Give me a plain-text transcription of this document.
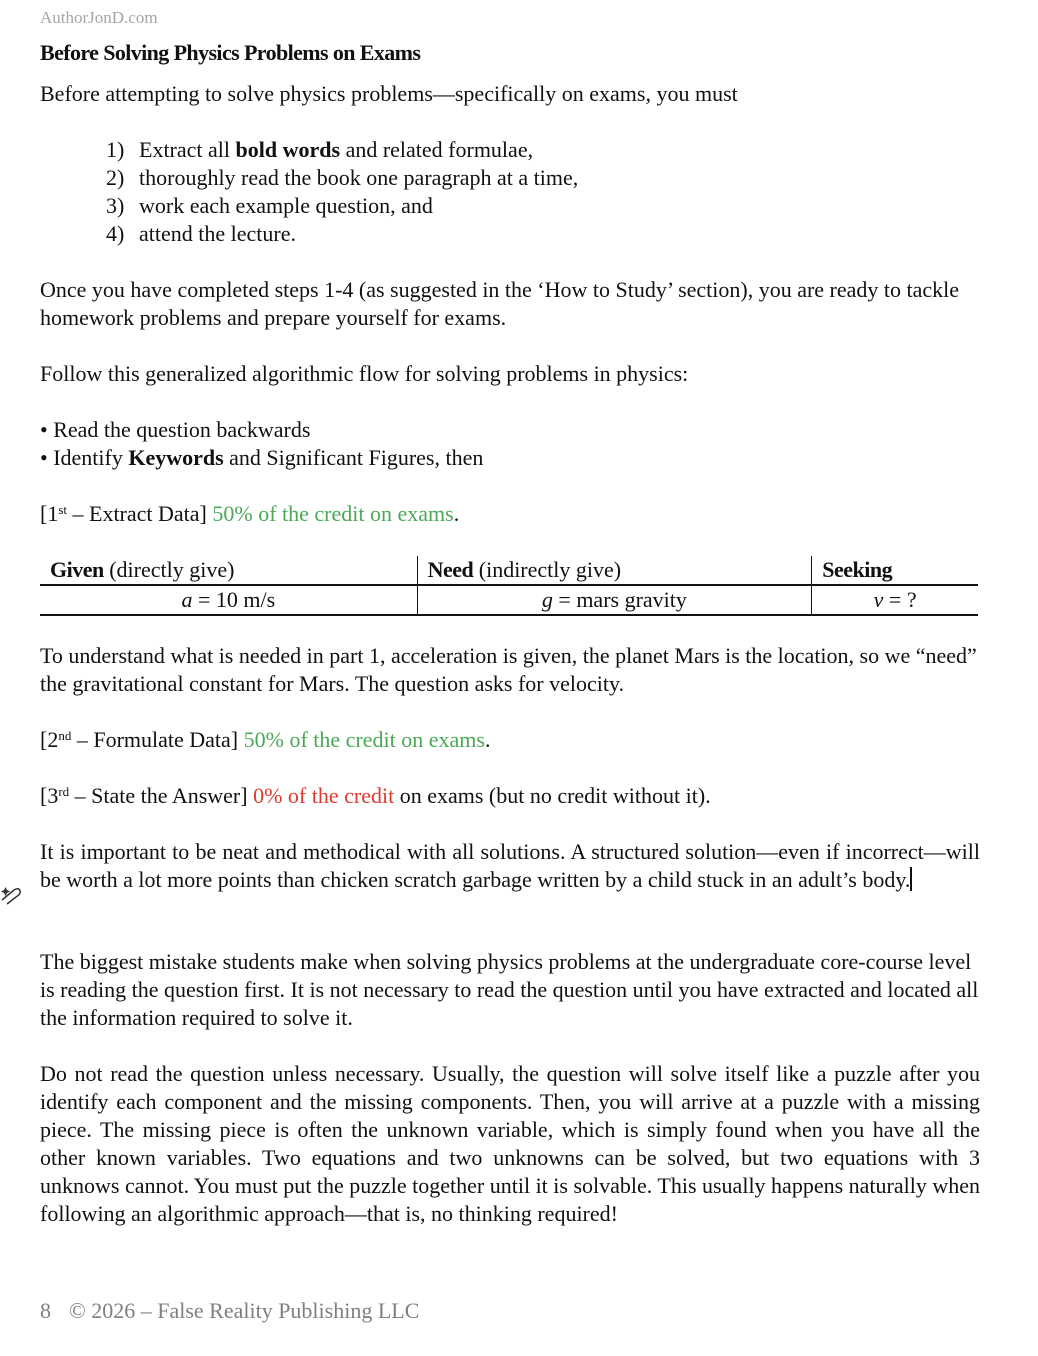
AuthorJonD.com
Before Solving Physics Problems on Exams
Before attempting to solve physics problems—specifically on exams, you must
1) Extract all bold words and related formulae,
2) thoroughly read the book one paragraph at a time,
3) work each example question, and
4) attend the lecture.
Once you have completed steps 1-4 (as suggested in the ‘How to Study’ section), you are ready to tackle homework problems and prepare yourself for exams.
Follow this generalized algorithmic flow for solving problems in physics:
• Read the question backwards
• Identify Keywords and Significant Figures, then
[1st – Extract Data] 50% of the credit on exams.
Given (directly give)	Need (indirectly give)	Seeking
a = 10 m/s	g = mars gravity	v = ?
To understand what is needed in part 1, acceleration is given, the planet Mars is the location, so we “need” the gravitational constant for Mars. The question asks for velocity.
[2nd – Formulate Data] 50% of the credit on exams.
[3rd – State the Answer] 0% of the credit on exams (but no credit without it).
It is important to be neat and methodical with all solutions. A structured solution—even if incorrect—will be worth a lot more points than chicken scratch garbage written by a child stuck in an adult’s body.
The biggest mistake students make when solving physics problems at the undergraduate core-course level is reading the question first. It is not necessary to read the question until you have extracted and located all the information required to solve it.
Do not read the question unless necessary. Usually, the question will solve itself like a puzzle after you identify each component and the missing components. Then, you will arrive at a puzzle with a missing piece. The missing piece is often the unknown variable, which is simply found when you have all the other known variables. Two equations and two unknowns can be solved, but two equations with 3 unknows cannot. You must put the puzzle together until it is solvable. This usually happens naturally when following an algorithmic approach—that is, no thinking required!
8 © 2026 – False Reality Publishing LLC
